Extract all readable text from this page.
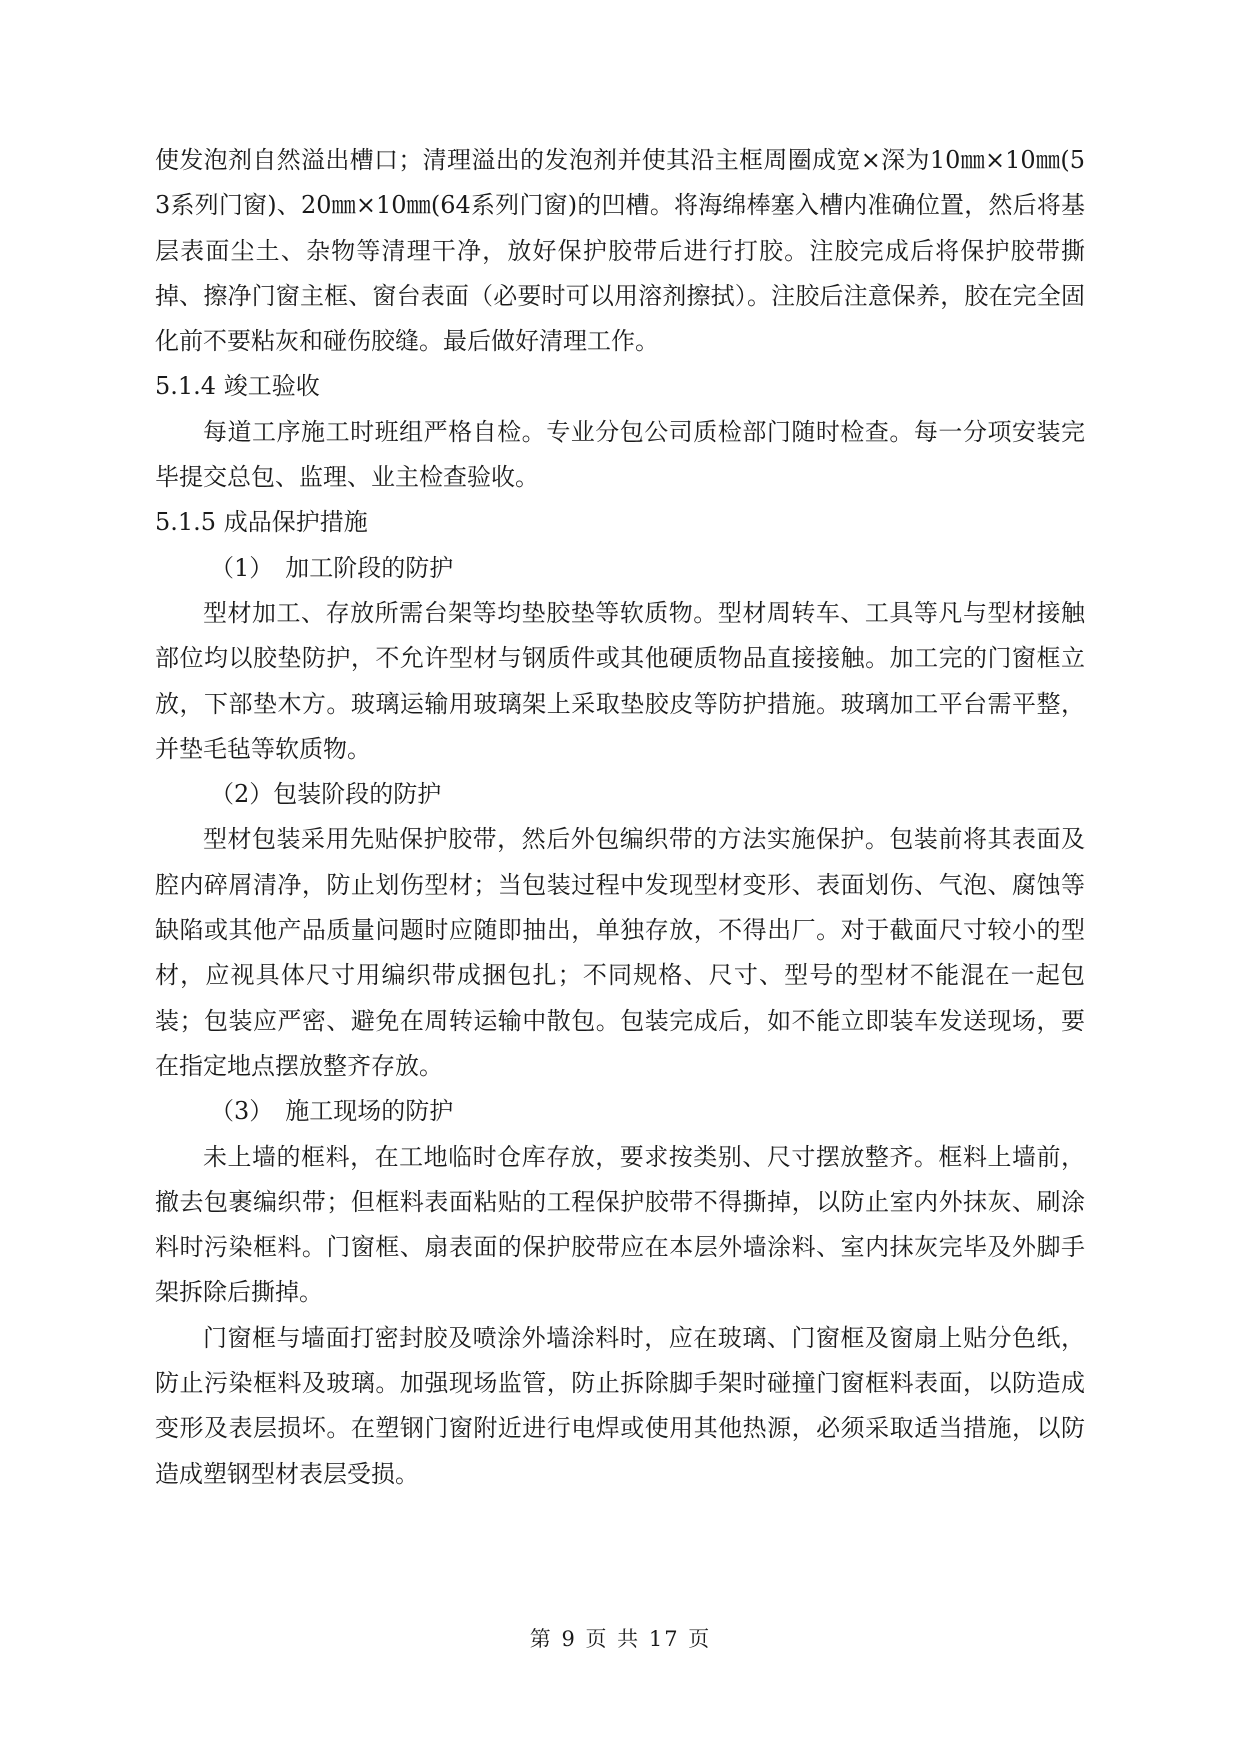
使发泡剂自然溢出槽口；清理溢出的发泡剂并使其沿主框周圈成宽×深为10㎜×10㎜(53系列门窗)、20㎜×10㎜(64系列门窗)的凹槽。将海绵棒塞入槽内准确位置，然后将基层表面尘土、杂物等清理干净，放好保护胶带后进行打胶。注胶完成后将保护胶带撕掉、擦净门窗主框、窗台表面（必要时可以用溶剂擦拭）。注胶后注意保养，胶在完全固化前不要粘灰和碰伤胶缝。最后做好清理工作。

5.1.4 竣工验收

每道工序施工时班组严格自检。专业分包公司质检部门随时检查。每一分项安装完毕提交总包、监理、业主检查验收。

5.1.5 成品保护措施

（1）　加工阶段的防护

型材加工、存放所需台架等均垫胶垫等软质物。型材周转车、工具等凡与型材接触部位均以胶垫防护，不允许型材与钢质件或其他硬质物品直接接触。加工完的门窗框立放，下部垫木方。玻璃运输用玻璃架上采取垫胶皮等防护措施。玻璃加工平台需平整，并垫毛毡等软质物。

（2）包装阶段的防护

型材包装采用先贴保护胶带，然后外包编织带的方法实施保护。包装前将其表面及腔内碎屑清净，防止划伤型材；当包装过程中发现型材变形、表面划伤、气泡、腐蚀等缺陷或其他产品质量问题时应随即抽出，单独存放，不得出厂。对于截面尺寸较小的型材，应视具体尺寸用编织带成捆包扎；不同规格、尺寸、型号的型材不能混在一起包装；包装应严密、避免在周转运输中散包。包装完成后，如不能立即装车发送现场，要在指定地点摆放整齐存放。

（3）　施工现场的防护

未上墙的框料，在工地临时仓库存放，要求按类别、尺寸摆放整齐。框料上墙前，撤去包裹编织带；但框料表面粘贴的工程保护胶带不得撕掉，以防止室内外抹灰、刷涂料时污染框料。门窗框、扇表面的保护胶带应在本层外墙涂料、室内抹灰完毕及外脚手架拆除后撕掉。

门窗框与墙面打密封胶及喷涂外墙涂料时，应在玻璃、门窗框及窗扇上贴分色纸，防止污染框料及玻璃。加强现场监管，防止拆除脚手架时碰撞门窗框料表面，以防造成变形及表层损坏。在塑钢门窗附近进行电焊或使用其他热源，必须采取适当措施，以防造成塑钢型材表层受损。

第 9 页 共 17 页
